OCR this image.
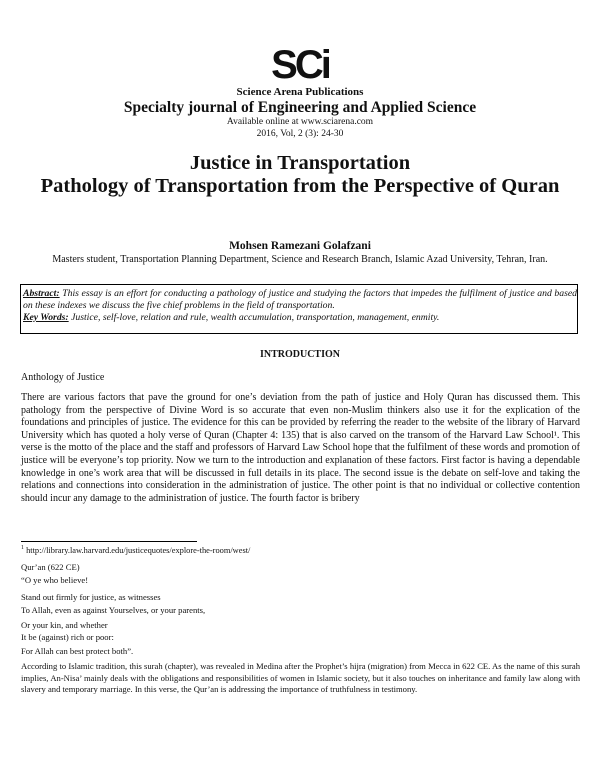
SCi
Science Arena Publications
Specialty journal of Engineering and Applied Science
Available online at www.sciarena.com
2016, Vol, 2 (3): 24-30
Justice in Transportation
Pathology of Transportation from the Perspective of Quran
Mohsen Ramezani Golafzani
Masters student, Transportation Planning Department, Science and Research Branch, Islamic Azad University, Tehran, Iran.
Abstract: This essay is an effort for conducting a pathology of justice and studying the factors that impedes the fulfilment of justice and based on these indexes we discuss the five chief problems in the field of transportation.
Key Words: Justice, self-love, relation and rule, wealth accumulation, transportation, management, enmity.
INTRODUCTION
Anthology of Justice
There are various factors that pave the ground for one’s deviation from the path of justice and Holy Quran has discussed them. This pathology from the perspective of Divine Word is so accurate that even non-Muslim thinkers also use it for the explication of the foundations and principles of justice. The evidence for this can be provided by referring the reader to the website of the library of Harvard University which has quoted a holy verse of Quran (Chapter 4: 135) that is also carved on the transom of the Harvard Law School¹. This verse is the motto of the place and the staff and professors of Harvard Law School hope that the fulfilment of these words and promotion of justice will be everyone’s top priority. Now we turn to the introduction and explanation of these factors. First factor is having a dependable knowledge in one’s work area that will be discussed in full details in its place. The second issue is the debate on self-love and taking the relations and connections into consideration in the administration of justice. The other point is that no individual or collective contention should incur any damage to the administration of justice. The fourth factor is bribery
$^1$ http://library.law.harvard.edu/justicequotes/explore-the-room/west/
Qur’an (622 CE)
“O ye who believe!
Stand out firmly for justice, as witnesses
To Allah, even as against Yourselves, or your parents,
Or your kin, and whether
It be (against) rich or poor:
For Allah can best protect both”.
According to Islamic tradition, this surah (chapter), was revealed in Medina after the Prophet’s hijra (migration) from Mecca in 622 CE. As the name of this surah implies, An-Nisa’ mainly deals with the obligations and responsibilities of women in Islamic society, but it also touches on inheritance and family law along with slavery and temporary marriage. In this verse, the Qur’an is addressing the importance of truthfulness in testimony.
